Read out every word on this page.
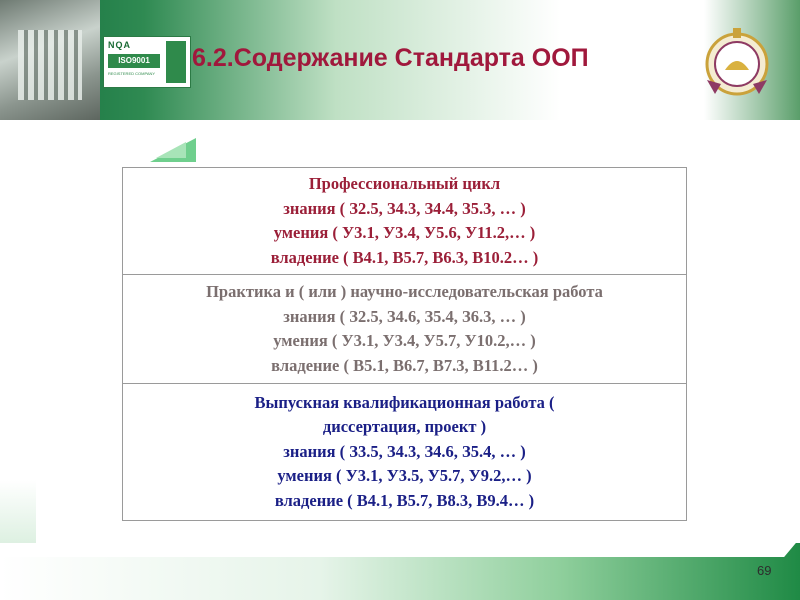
NQA
ISO9001
REGISTERED COMPANY
6.2.Содержание Стандарта ООП
Профессиональный цикл
знания ( З2.5, З4.3, З4.4, З5.3, … )
умения ( У3.1, У3.4, У5.6, У11.2,… )
владение ( В4.1, В5.7, В6.3, В10.2… )

Практика и ( или ) научно-исследовательская работа
знания ( З2.5, З4.6, З5.4, З6.3, … )
умения ( У3.1, У3.4, У5.7, У10.2,… )
владение ( В5.1, В6.7, В7.3, В11.2… )

Выпускная квалификационная работа (
диссертация, проект )
знания ( З3.5, З4.3, З4.6, З5.4, … )
умения ( У3.1, У3.5, У5.7, У9.2,… )
владение ( В4.1, В5.7, В8.3, В9.4… )
69
